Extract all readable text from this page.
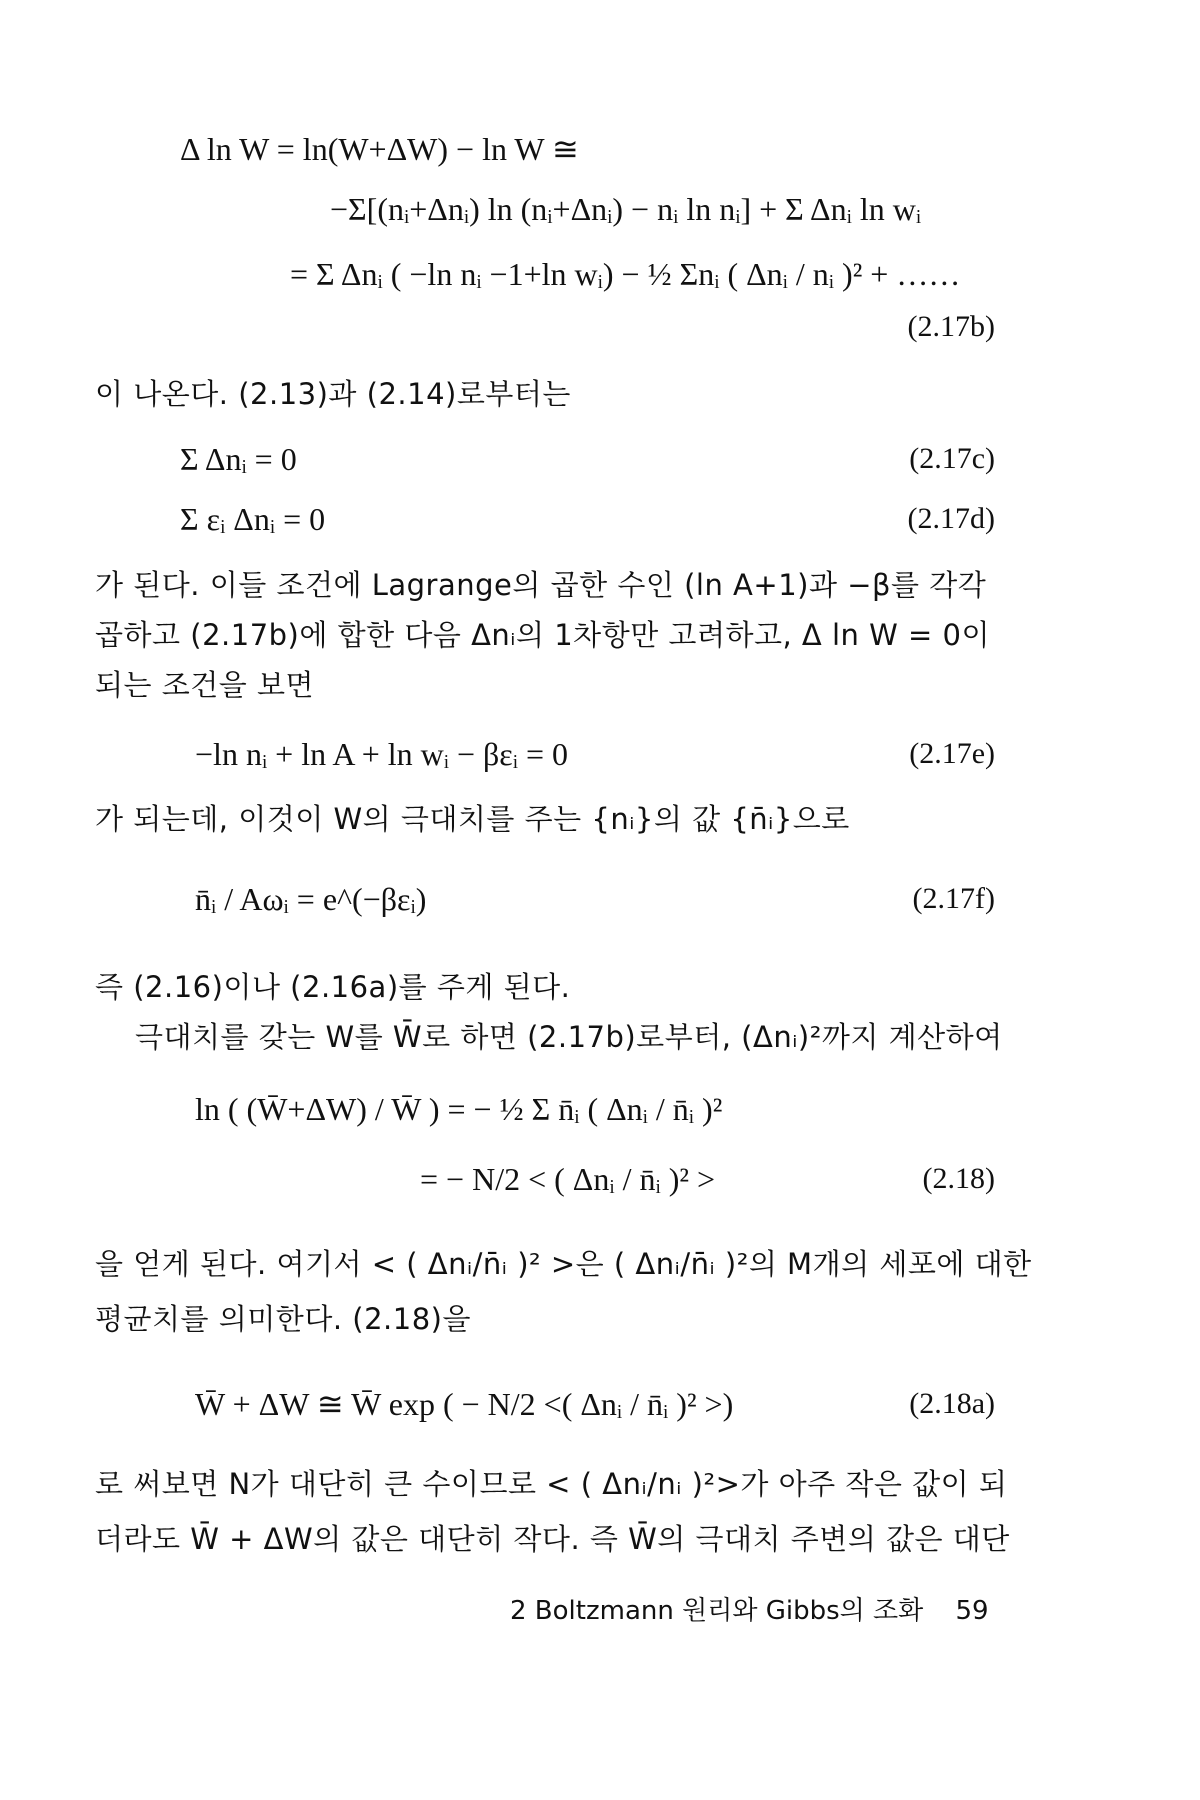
Δ ln W = ln(W+ΔW) − ln W ≅
−Σ[(nᵢ+Δnᵢ) ln (nᵢ+Δnᵢ) − nᵢ ln nᵢ] + Σ Δnᵢ ln wᵢ
= Σ Δnᵢ ( −ln nᵢ −1+ln wᵢ) − ½ Σnᵢ ( Δnᵢ / nᵢ )² + ……
(2.17b)
이 나온다. (2.13)과 (2.14)로부터는
Σ Δnᵢ = 0	(2.17c)
Σ εᵢ Δnᵢ = 0	(2.17d)
가 된다. 이들 조건에 Lagrange의 곱한 수인 (ln A+1)과 −β를 각각
곱하고 (2.17b)에 합한 다음 Δnᵢ의 1차항만 고려하고, Δ ln W = 0이
되는 조건을 보면
−ln nᵢ + ln A + ln wᵢ − βεᵢ = 0	(2.17e)
가 되는데, 이것이 W의 극대치를 주는 {nᵢ}의 값 {n̄ᵢ}으로
n̄ᵢ / Aωᵢ = e^(−βεᵢ)	(2.17f)
즉 (2.16)이나 (2.16a)를 주게 된다.
극대치를 갖는 W를 W̄로 하면 (2.17b)로부터, (Δnᵢ)²까지 계산하여
ln ( (W̄+ΔW) / W̄ ) = − ½ Σ n̄ᵢ ( Δnᵢ / n̄ᵢ )²
= − N/2 < ( Δnᵢ / n̄ᵢ )² >	(2.18)
을 얻게 된다. 여기서 < ( Δnᵢ/n̄ᵢ )² >은 ( Δnᵢ/n̄ᵢ )²의 M개의 세포에 대한
평균치를 의미한다. (2.18)을
W̄ + ΔW ≅ W̄ exp ( − N/2 <( Δnᵢ / n̄ᵢ )² >)	(2.18a)
로 써보면 N가 대단히 큰 수이므로 < ( Δnᵢ/nᵢ )²>가 아주 작은 값이 되
더라도 W̄ + ΔW의 값은 대단히 작다. 즉 W̄의 극대치 주변의 값은 대단
2 Boltzmann 원리와 Gibbs의 조화 59
